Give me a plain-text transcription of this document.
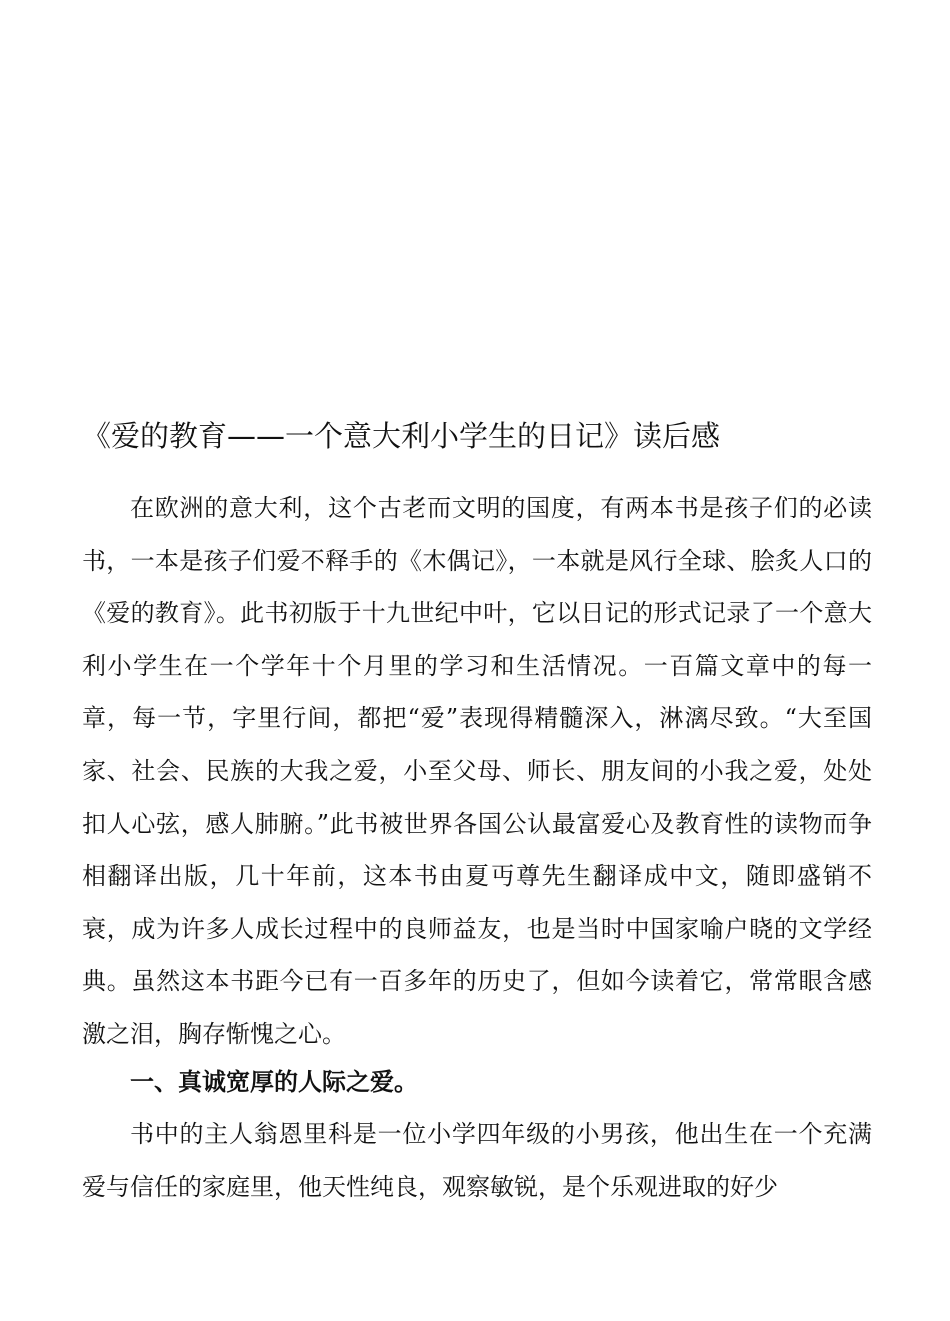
《爱的教育——一个意大利小学生的日记》读后感

在欧洲的意大利，这个古老而文明的国度，有两本书是孩子们的必读书，一本是孩子们爱不释手的《木偶记》，一本就是风行全球、脍炙人口的《爱的教育》。此书初版于十九世纪中叶，它以日记的形式记录了一个意大利小学生在一个学年十个月里的学习和生活情况。一百篇文章中的每一章，每一节，字里行间，都把“爱”表现得精髓深入，淋漓尽致。“大至国家、社会、民族的大我之爱，小至父母、师长、朋友间的小我之爱，处处扣人心弦，感人肺腑。”此书被世界各国公认最富爱心及教育性的读物而争相翻译出版，几十年前，这本书由夏丏尊先生翻译成中文，随即盛销不衰，成为许多人成长过程中的良师益友，也是当时中国家喻户晓的文学经典。虽然这本书距今已有一百多年的历史了，但如今读着它，常常眼含感激之泪，胸存惭愧之心。

一、真诚宽厚的人际之爱。

书中的主人翁恩里科是一位小学四年级的小男孩，他出生在一个充满爱与信任的家庭里，他天性纯良，观察敏锐，是个乐观进取的好少
